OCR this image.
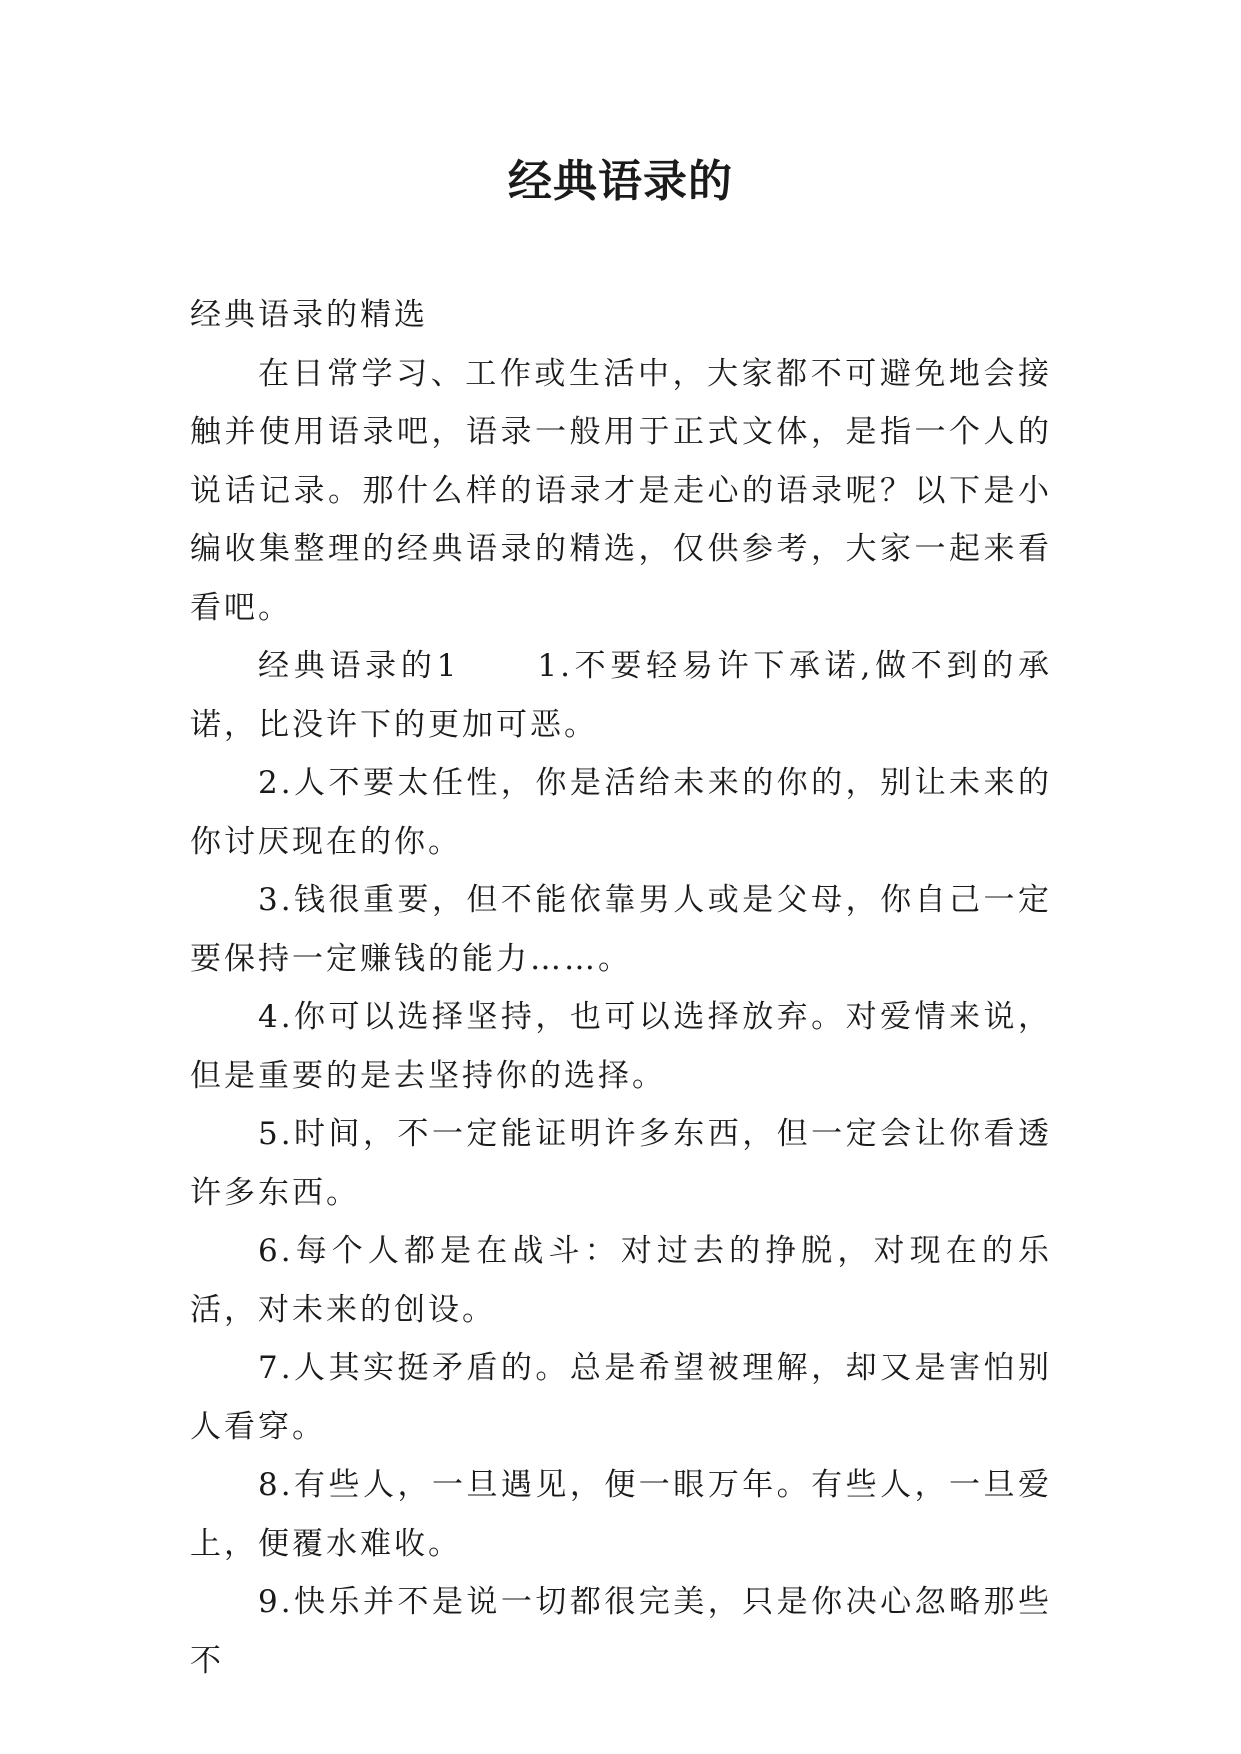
经典语录的

经典语录的精选

在日常学习、工作或生活中，大家都不可避免地会接触并使用语录吧，语录一般用于正式文体，是指一个人的说话记录。那什么样的语录才是走心的语录呢？以下是小编收集整理的经典语录的精选，仅供参考，大家一起来看看吧。

经典语录的1	1.不要轻易许下承诺,做不到的承诺，比没许下的更加可恶。

2.人不要太任性，你是活给未来的你的，别让未来的你讨厌现在的你。

3.钱很重要，但不能依靠男人或是父母，你自己一定要保持一定赚钱的能力……。

4.你可以选择坚持，也可以选择放弃。对爱情来说，但是重要的是去坚持你的选择。

5.时间，不一定能证明许多东西，但一定会让你看透许多东西。

6.每个人都是在战斗：对过去的挣脱，对现在的乐活，对未来的创设。

7.人其实挺矛盾的。总是希望被理解，却又是害怕别人看穿。

8.有些人，一旦遇见，便一眼万年。有些人，一旦爱上，便覆水难收。

9.快乐并不是说一切都很完美，只是你决心忽略那些不
